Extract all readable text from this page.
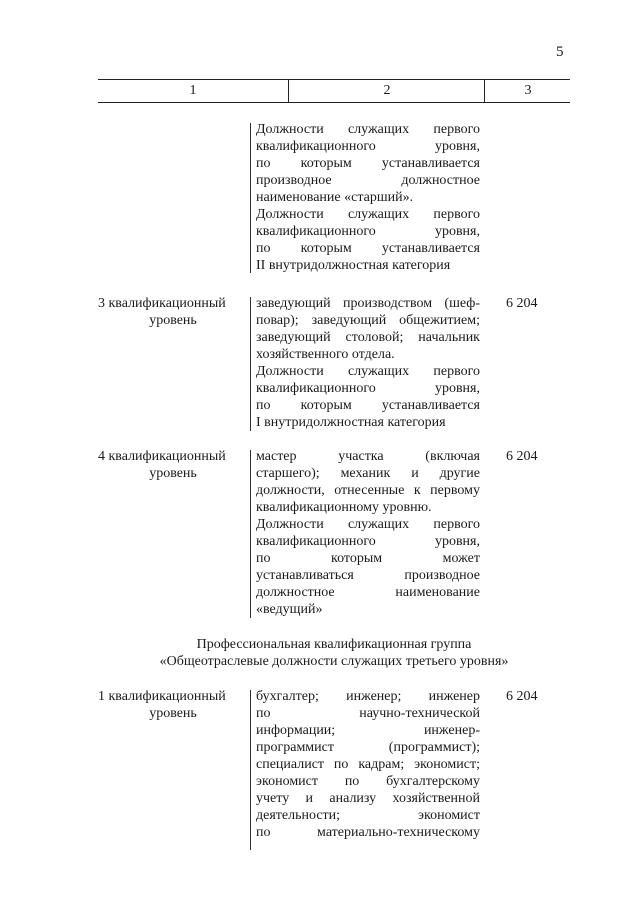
5
1	2	3
Должности служащих первого
квалификационного уровня,
по которым устанавливается
производное должностное
наименование «старший».
Должности служащих первого
квалификационного уровня,
по которым устанавливается
II внутридолжностная категория
3 квалификационный
уровень
заведующий производством (шеф-
повар); заведующий общежитием;
заведующий столовой; начальник
хозяйственного отдела.
Должности служащих первого
квалификационного уровня,
по которым устанавливается
I внутридолжностная категория
6 204
4 квалификационный
уровень
мастер участка (включая
старшего); механик и другие
должности, отнесенные к первому
квалификационному уровню.
Должности служащих первого
квалификационного уровня,
по которым может
устанавливаться производное
должностное наименование
«ведущий»
6 204
Профессиональная квалификационная группа
«Общеотраслевые должности служащих третьего уровня»
1 квалификационный
уровень
бухгалтер; инженер; инженер
по научно-технической
информации; инженер-
программист (программист);
специалист по кадрам; экономист;
экономист по бухгалтерскому
учету и анализу хозяйственной
деятельности; экономист
по материально-техническому
6 204
